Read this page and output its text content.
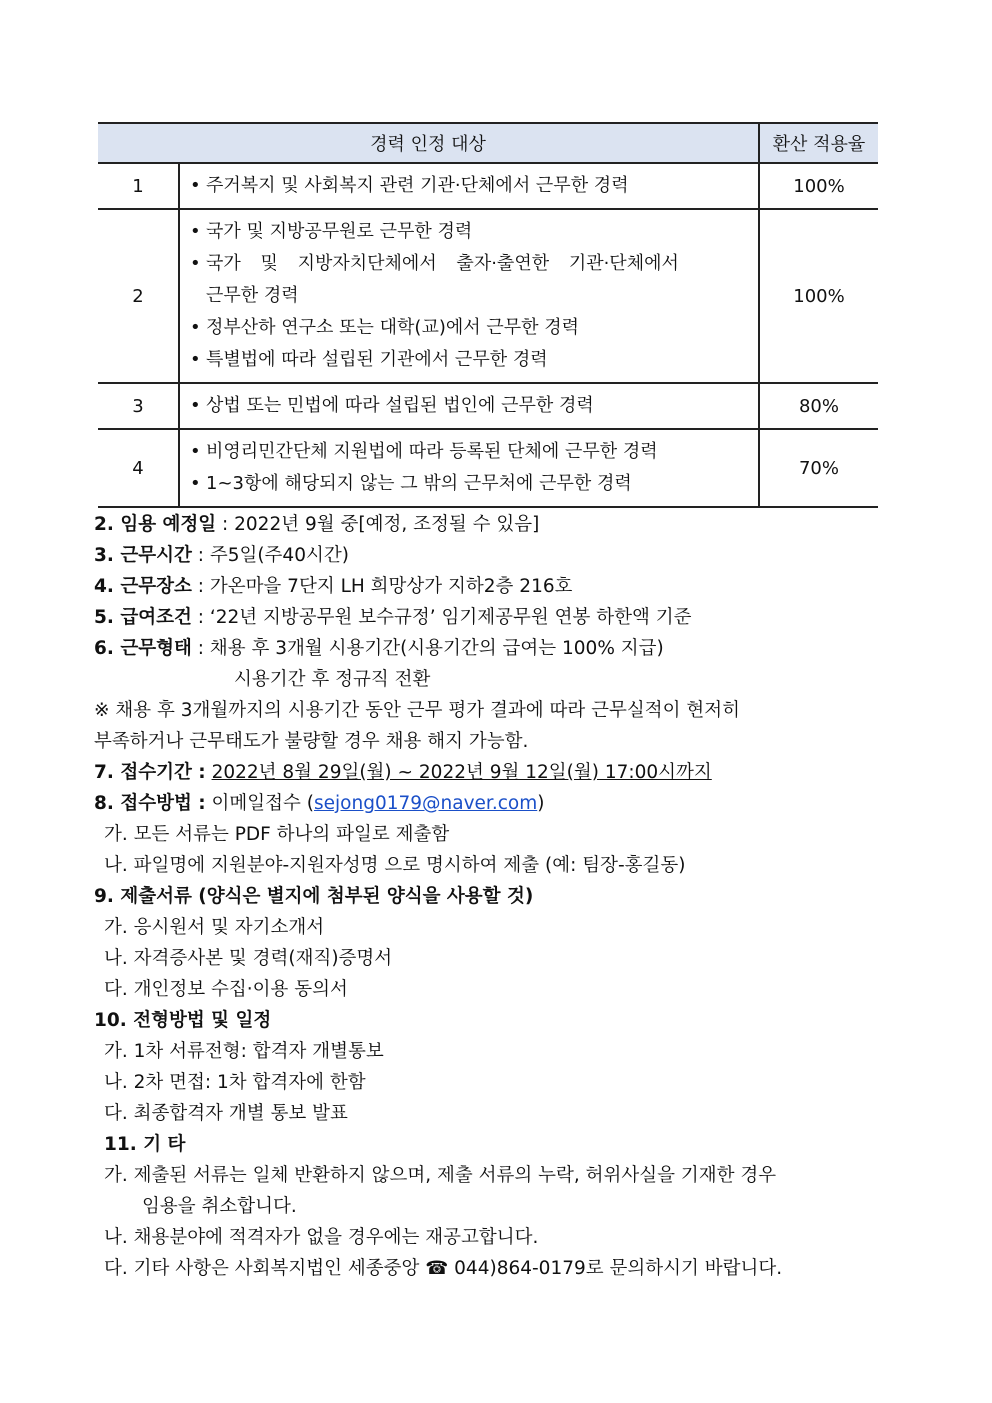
경력 인정 대상		환산 적용율
1	• 주거복지 및 사회복지 관련 기관·단체에서 근무한 경력	100%
2	• 국가 및 지방공무원로 근무한 경력
• 국가 및 지방자치단체에서 출자·출연한 기관·단체에서
근무한 경력
• 정부산하 연구소 또는 대학(교)에서 근무한 경력
• 특별법에 따라 설립된 기관에서 근무한 경력	100%
3	• 상법 또는 민법에 따라 설립된 법인에 근무한 경력	80%
4	• 비영리민간단체 지원법에 따라 등록된 단체에 근무한 경력
• 1~3항에 해당되지 않는 그 밖의 근무처에 근무한 경력	70%
2. 임용 예정일 : 2022년 9월 중[예정, 조정될 수 있음]
3. 근무시간 : 주5일(주40시간)
4. 근무장소 : 가온마을 7단지 LH 희망상가 지하2층 216호
5. 급여조건 : ‘22년 지방공무원 보수규정’ 임기제공무원 연봉 하한액 기준
6. 근무형태 : 채용 후 3개월 시용기간(시용기간의 급여는 100% 지급)
시용기간 후 정규직 전환
※ 채용 후 3개월까지의 시용기간 동안 근무 평가 결과에 따라 근무실적이 현저히
부족하거나 근무태도가 불량할 경우 채용 해지 가능함.
7. 접수기간 : 2022년 8월 29일(월) ~ 2022년 9월 12일(월) 17:00시까지
8. 접수방법 : 이메일접수 (sejong0179@naver.com)
가. 모든 서류는 PDF 하나의 파일로 제출함
나. 파일명에 지원분야-지원자성명 으로 명시하여 제출 (예: 팀장-홍길동)
9. 제출서류 (양식은 별지에 첨부된 양식을 사용할 것)
가. 응시원서 및 자기소개서
나. 자격증사본 및 경력(재직)증명서
다. 개인정보 수집·이용 동의서
10. 전형방법 및 일정
가. 1차 서류전형: 합격자 개별통보
나. 2차 면접: 1차 합격자에 한함
다. 최종합격자 개별 통보 발표
11. 기 타
가. 제출된 서류는 일체 반환하지 않으며, 제출 서류의 누락, 허위사실을 기재한 경우
임용을 취소합니다.
나. 채용분야에 적격자가 없을 경우에는 재공고합니다.
다. 기타 사항은 사회복지법인 세종중앙 ☎ 044)864-0179로 문의하시기 바랍니다.
